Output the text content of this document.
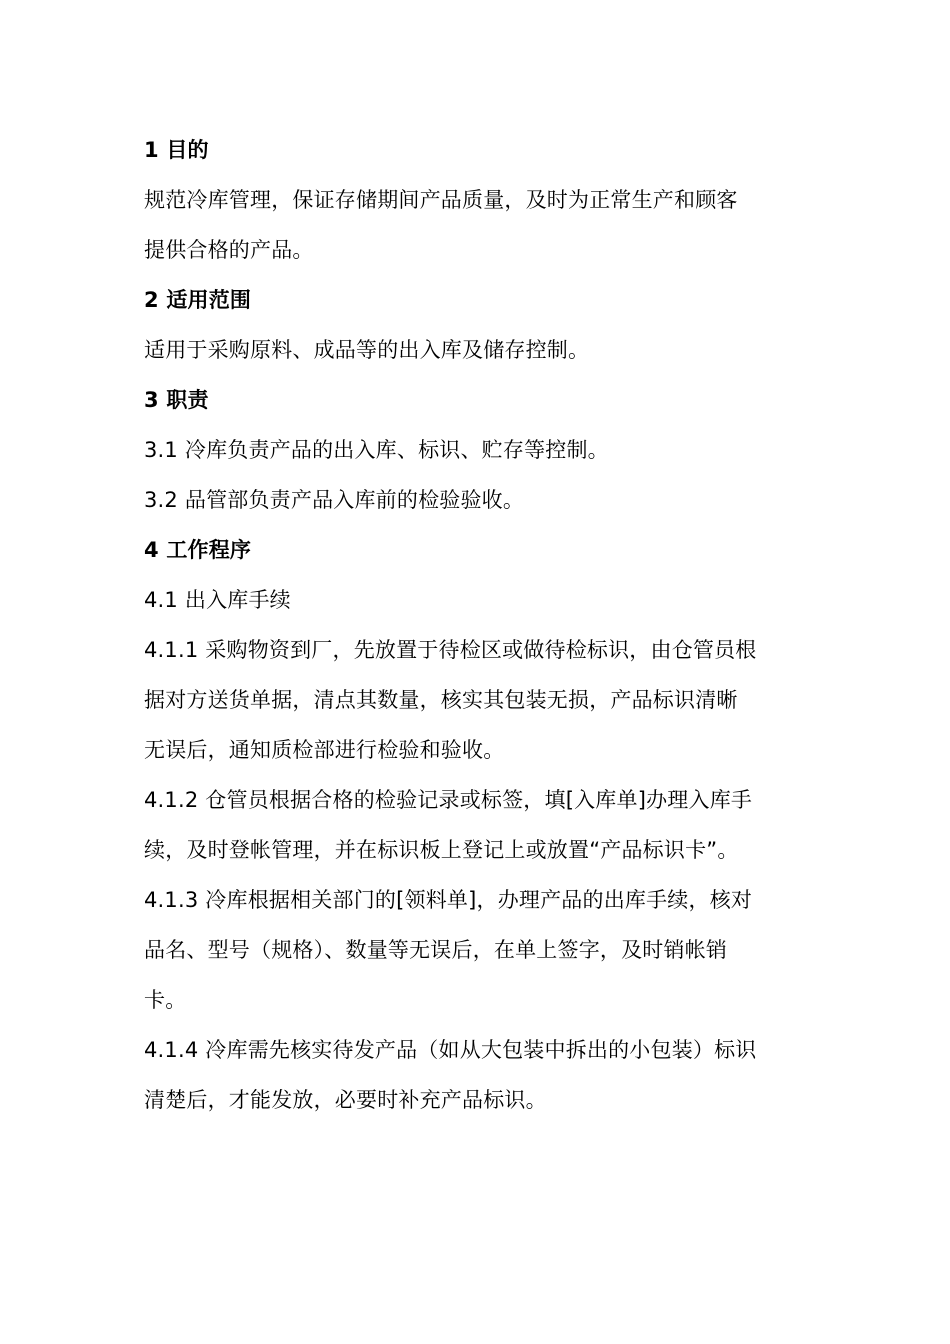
1 目的
规范冷库管理，保证存储期间产品质量，及时为正常生产和顾客
提供合格的产品。
2 适用范围
适用于采购原料、成品等的出入库及储存控制。
3 职责
3.1 冷库负责产品的出入库、标识、贮存等控制。
3.2 品管部负责产品入库前的检验验收。
4 工作程序
4.1 出入库手续
4.1.1 采购物资到厂，先放置于待检区或做待检标识，由仓管员根
据对方送货单据，清点其数量，核实其包装无损，产品标识清晰
无误后，通知质检部进行检验和验收。
4.1.2 仓管员根据合格的检验记录或标签，填[入库单]办理入库手
续，及时登帐管理，并在标识板上登记上或放置“产品标识卡”。
4.1.3 冷库根据相关部门的[领料单]，办理产品的出库手续，核对
品名、型号（规格）、数量等无误后，在单上签字，及时销帐销
卡。
4.1.4 冷库需先核实待发产品（如从大包装中拆出的小包装）标识
清楚后，才能发放，必要时补充产品标识。
